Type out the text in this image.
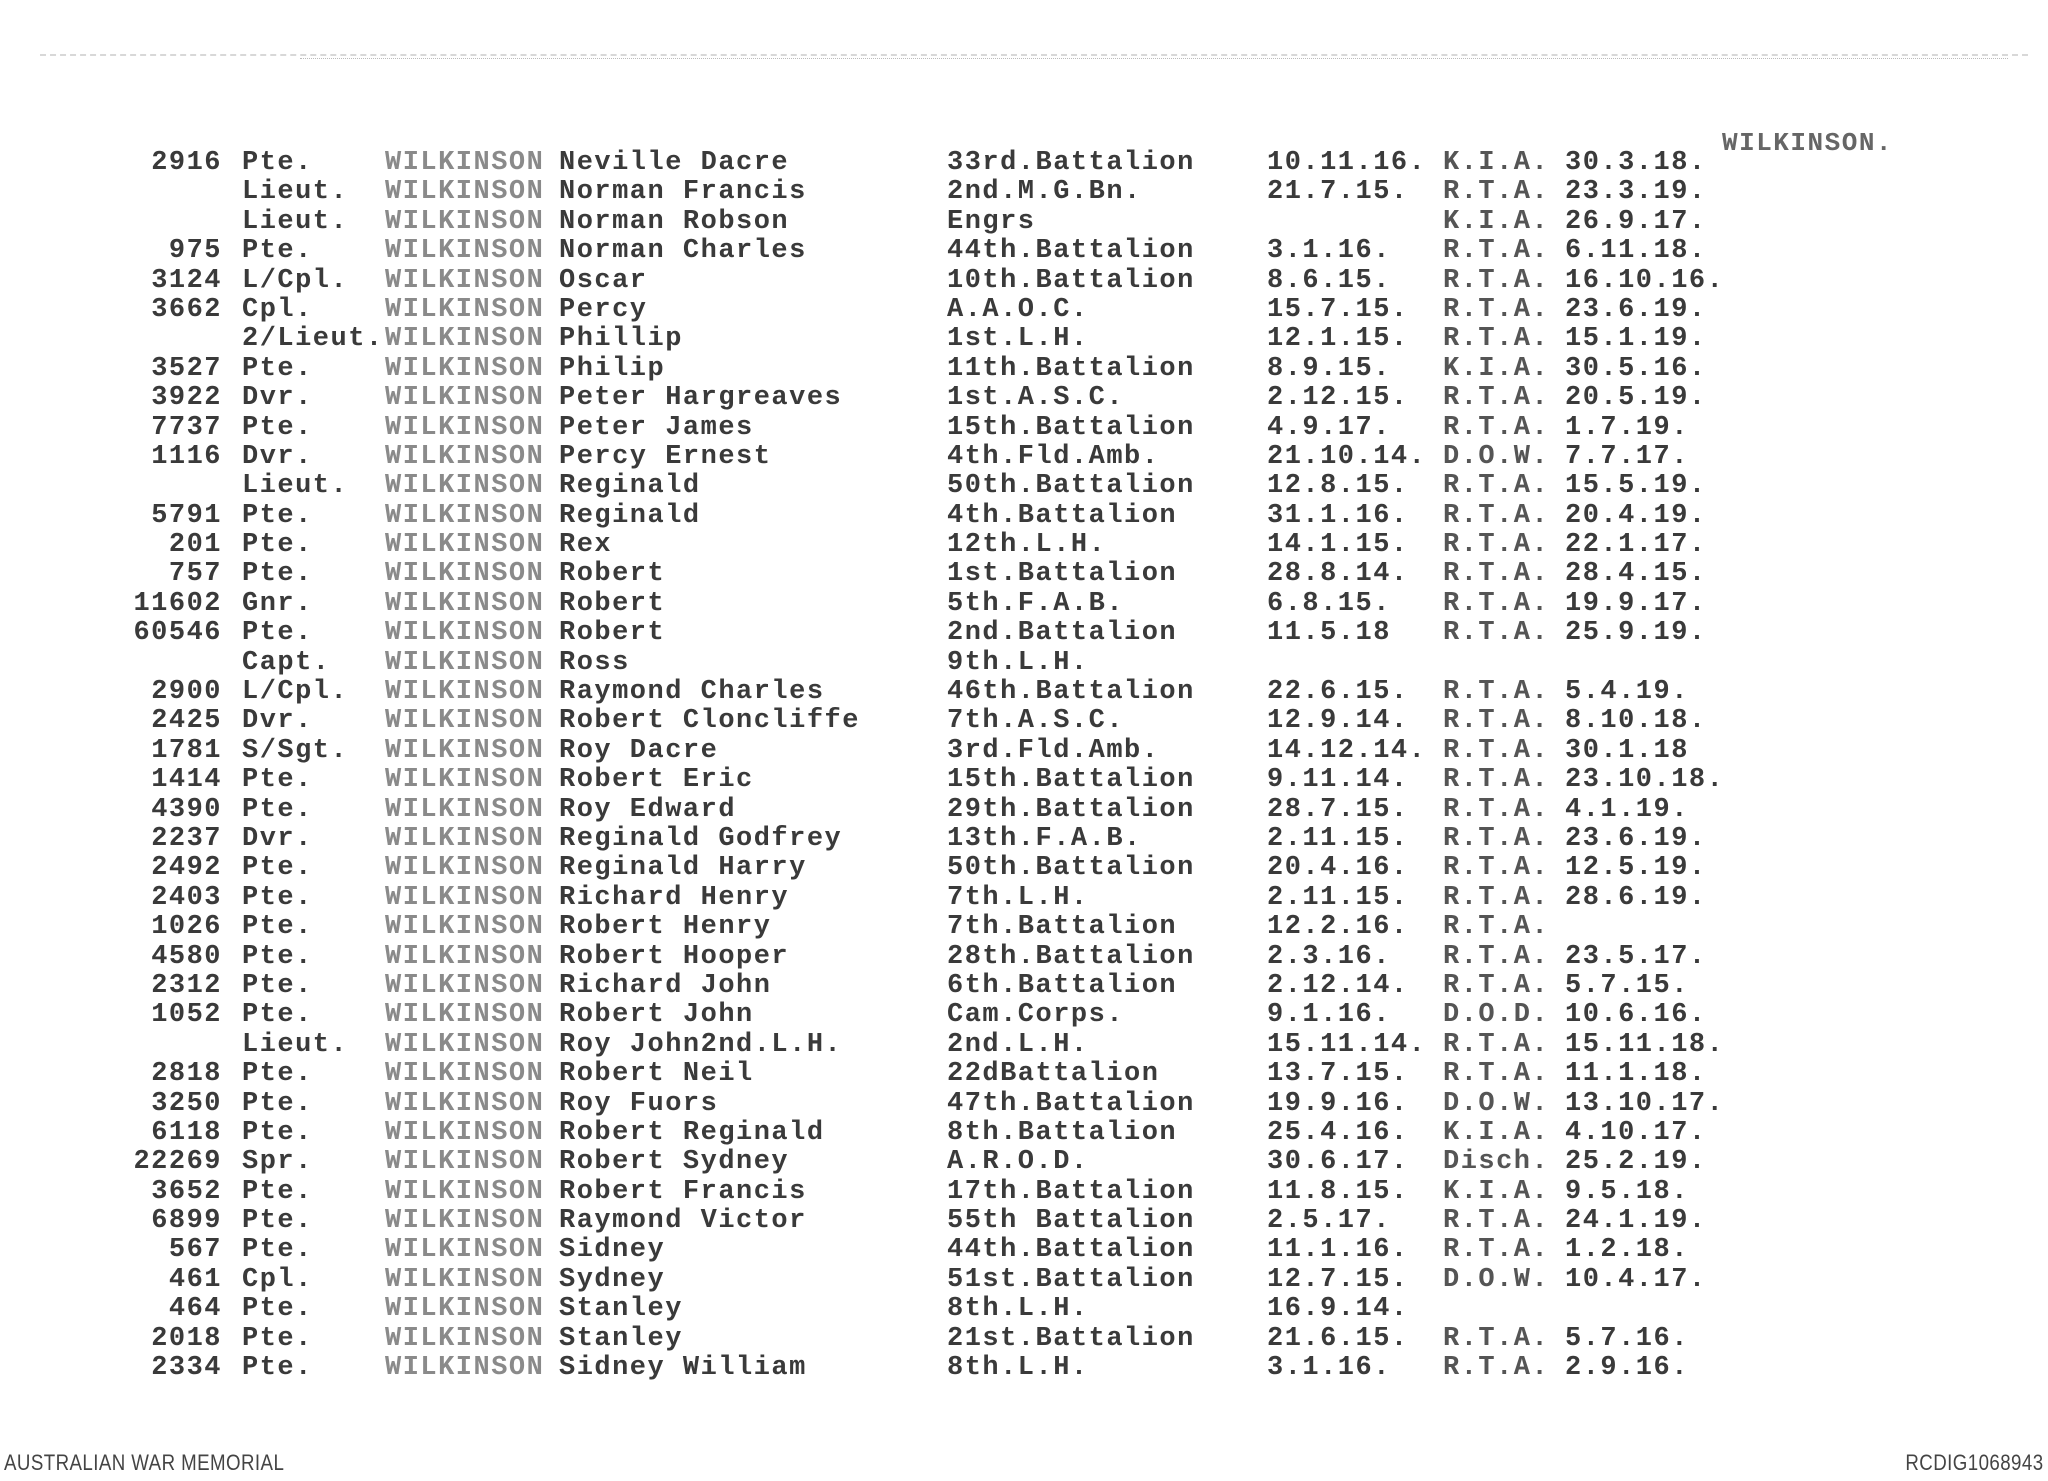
WILKINSON.
2916 Pte.	WILKINSON Neville Dacre	33rd.Battalion	10.11.16. K.I.A. 30.3.18.
Lieut. WILKINSON Norman Francis	2nd.M.G.Bn.	21.7.15. R.T.A. 23.3.19.
Lieut. WILKINSON Norman Robson	Engrs	K.I.A. 26.9.17.
975 Pte.	WILKINSON Norman Charles	44th.Battalion	3.1.16. R.T.A. 6.11.18.
3124 L/Cpl. WILKINSON Oscar	10th.Battalion	8.6.15. R.T.A. 16.10.16.
3662 Cpl.	WILKINSON Percy	A.A.O.C.	15.7.15. R.T.A. 23.6.19.
2/Lieut. WILKINSON Phillip	1st.L.H.	12.1.15. R.T.A. 15.1.19.
3527 Pte.	WILKINSON Philip	11th.Battalion	8.9.15. K.I.A. 30.5.16.
3922 Dvr.	WILKINSON Peter Hargreaves	1st.A.S.C.	2.12.15. R.T.A. 20.5.19.
7737 Pte.	WILKINSON Peter James	15th.Battalion	4.9.17. R.T.A. 1.7.19.
1116 Dvr.	WILKINSON Percy Ernest	4th.Fld.Amb.	21.10.14. D.O.W. 7.7.17.
Lieut. WILKINSON Reginald	50th.Battalion	12.8.15. R.T.A. 15.5.19.
5791 Pte.	WILKINSON Reginald	4th.Battalion	31.1.16. R.T.A. 20.4.19.
201 Pte.	WILKINSON Rex	12th.L.H.	14.1.15. R.T.A. 22.1.17.
757 Pte.	WILKINSON Robert	1st.Battalion	28.8.14. R.T.A. 28.4.15.
11602 Gnr.	WILKINSON Robert	5th.F.A.B.	6.8.15. R.T.A. 19.9.17.
60546 Pte.	WILKINSON Robert	2nd.Battalion	11.5.18 R.T.A. 25.9.19.
Capt. WILKINSON Ross	9th.L.H.
2900 L/Cpl. WILKINSON Raymond Charles	46th.Battalion	22.6.15. R.T.A. 5.4.19.
2425 Dvr.	WILKINSON Robert Cloncliffe	7th.A.S.C.	12.9.14. R.T.A. 8.10.18.
1781 S/Sgt. WILKINSON Roy Dacre	3rd.Fld.Amb.	14.12.14. R.T.A. 30.1.18
1414 Pte.	WILKINSON Robert Eric	15th.Battalion	9.11.14. R.T.A. 23.10.18.
4390 Pte.	WILKINSON Roy Edward	29th.Battalion	28.7.15. R.T.A. 4.1.19.
2237 Dvr.	WILKINSON Reginald Godfrey	13th.F.A.B.	2.11.15. R.T.A. 23.6.19.
2492 Pte.	WILKINSON Reginald Harry	50th.Battalion	20.4.16. R.T.A. 12.5.19.
2403 Pte.	WILKINSON Richard Henry	7th.L.H.	2.11.15. R.T.A. 28.6.19.
1026 Pte.	WILKINSON Robert Henry	7th.Battalion	12.2.16. R.T.A.
4580 Pte.	WILKINSON Robert Hooper	28th.Battalion	2.3.16. R.T.A. 23.5.17.
2312 Pte.	WILKINSON Richard John	6th.Battalion	2.12.14. R.T.A. 5.7.15.
1052 Pte.	WILKINSON Robert John	Cam.Corps.	9.1.16. D.O.D. 10.6.16.
Lieut. WILKINSON Roy John2nd.L.H.	2nd.L.H.	15.11.14. R.T.A. 15.11.18.
2818 Pte.	WILKINSON Robert Neil	22dBattalion	13.7.15. R.T.A. 11.1.18.
3250 Pte.	WILKINSON Roy Fuors	47th.Battalion	19.9.16. D.O.W. 13.10.17.
6118 Pte.	WILKINSON Robert Reginald	8th.Battalion	25.4.16. K.I.A. 4.10.17.
22269 Spr.	WILKINSON Robert Sydney	A.R.O.D.	30.6.17. Disch. 25.2.19.
3652 Pte.	WILKINSON Robert Francis	17th.Battalion	11.8.15. K.I.A. 9.5.18.
6899 Pte.	WILKINSON Raymond Victor	55th Battalion	2.5.17. R.T.A. 24.1.19.
567 Pte.	WILKINSON Sidney	44th.Battalion	11.1.16. R.T.A. 1.2.18.
461 Cpl.	WILKINSON Sydney	51st.Battalion	12.7.15. D.O.W. 10.4.17.
464 Pte.	WILKINSON Stanley	8th.L.H.	16.9.14.
2018 Pte.	WILKINSON Stanley	21st.Battalion	21.6.15. R.T.A. 5.7.16.
2334 Pte.	WILKINSON Sidney William	8th.L.H.	3.1.16. R.T.A. 2.9.16.
AUSTRALIAN WAR MEMORIAL	RCDIG1068943
